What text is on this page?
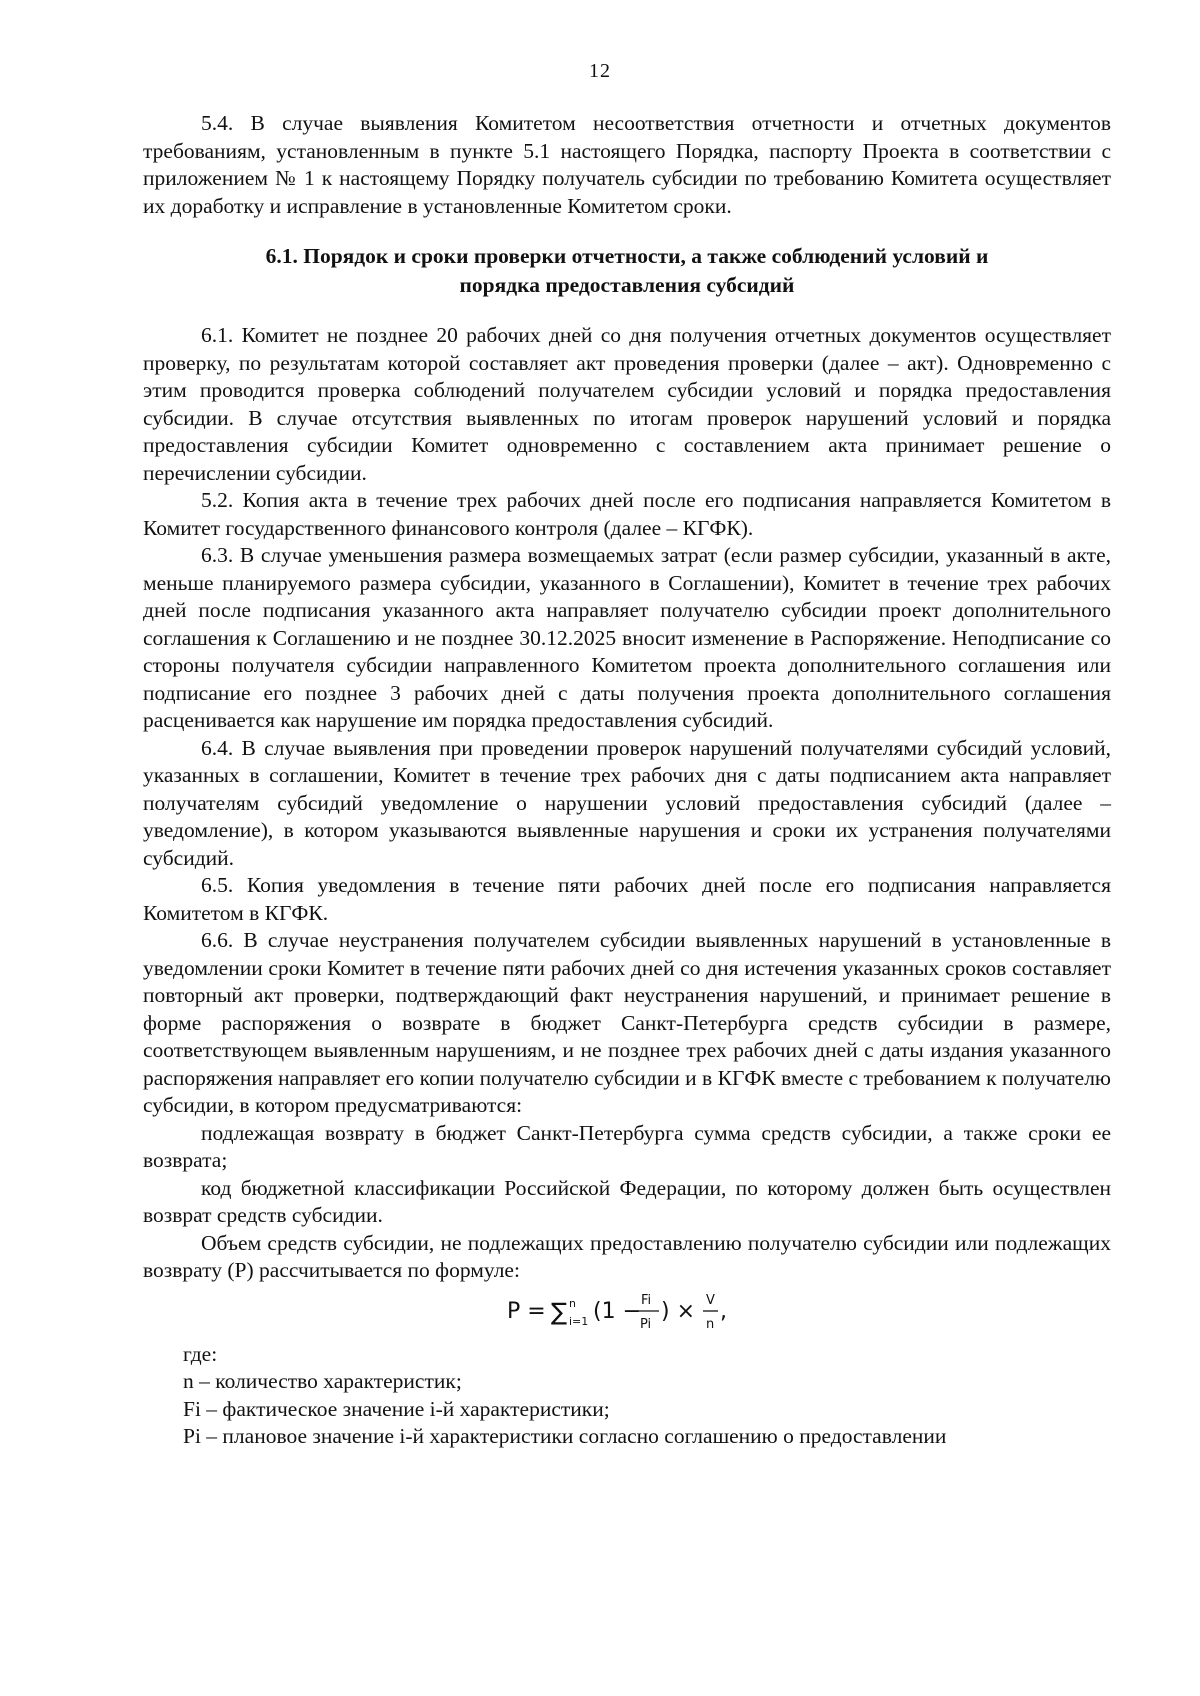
12

5.4. В случае выявления Комитетом несоответствия отчетности и отчетных документов требованиям, установленным в пункте 5.1 настоящего Порядка, паспорту Проекта в соответствии с приложением № 1 к настоящему Порядку получатель субсидии по требованию Комитета осуществляет их доработку и исправление в установленные Комитетом сроки.

6.1. Порядок и сроки проверки отчетности, а также соблюдений условий и порядка предоставления субсидий

6.1. Комитет не позднее 20 рабочих дней со дня получения отчетных документов осуществляет проверку, по результатам которой составляет акт проведения проверки (далее – акт). Одновременно с этим проводится проверка соблюдений получателем субсидии условий и порядка предоставления субсидии. В случае отсутствия выявленных по итогам проверок нарушений условий и порядка предоставления субсидии Комитет одновременно с составлением акта принимает решение о перечислении субсидии.

5.2. Копия акта в течение трех рабочих дней после его подписания направляется Комитетом в Комитет государственного финансового контроля (далее – КГФК).

6.3. В случае уменьшения размера возмещаемых затрат (если размер субсидии, указанный в акте, меньше планируемого размера субсидии, указанного в Соглашении), Комитет в течение трех рабочих дней после подписания указанного акта направляет получателю субсидии проект дополнительного соглашения к Соглашению и не позднее 30.12.2025 вносит изменение в Распоряжение. Неподписание со стороны получателя субсидии направленного Комитетом проекта дополнительного соглашения или подписание его позднее 3 рабочих дней с даты получения проекта дополнительного соглашения расценивается как нарушение им порядка предоставления субсидий.

6.4. В случае выявления при проведении проверок нарушений получателями субсидий условий, указанных в соглашении, Комитет в течение трех рабочих дня с даты подписанием акта направляет получателям субсидий уведомление о нарушении условий предоставления субсидий (далее – уведомление), в котором указываются выявленные нарушения и сроки их устранения получателями субсидий.

6.5. Копия уведомления в течение пяти рабочих дней после его подписания направляется Комитетом в КГФК.

6.6. В случае неустранения получателем субсидии выявленных нарушений в установленные в уведомлении сроки Комитет в течение пяти рабочих дней со дня истечения указанных сроков составляет повторный акт проверки, подтверждающий факт неустранения нарушений, и принимает решение в форме распоряжения о возврате в бюджет Санкт-Петербурга средств субсидии в размере, соответствующем выявленным нарушениям, и не позднее трех рабочих дней с даты издания указанного распоряжения направляет его копии получателю субсидии и в КГФК вместе с требованием к получателю субсидии, в котором предусматриваются:

подлежащая возврату в бюджет Санкт-Петербурга сумма средств субсидии, а также сроки ее возврата;

код бюджетной классификации Российской Федерации, по которому должен быть осуществлен возврат средств субсидии.

Объем средств субсидии, не подлежащих предоставлению получателю субсидии или подлежащих возврату (P) рассчитывается по формуле:

P = ∑ n
i=1 (1 − Fi
Pi
) × V
n
,

где:

n – количество характеристик;

Fi – фактическое значение i-й характеристики;

Pi – плановое значение i-й характеристики согласно соглашению о предоставлении
